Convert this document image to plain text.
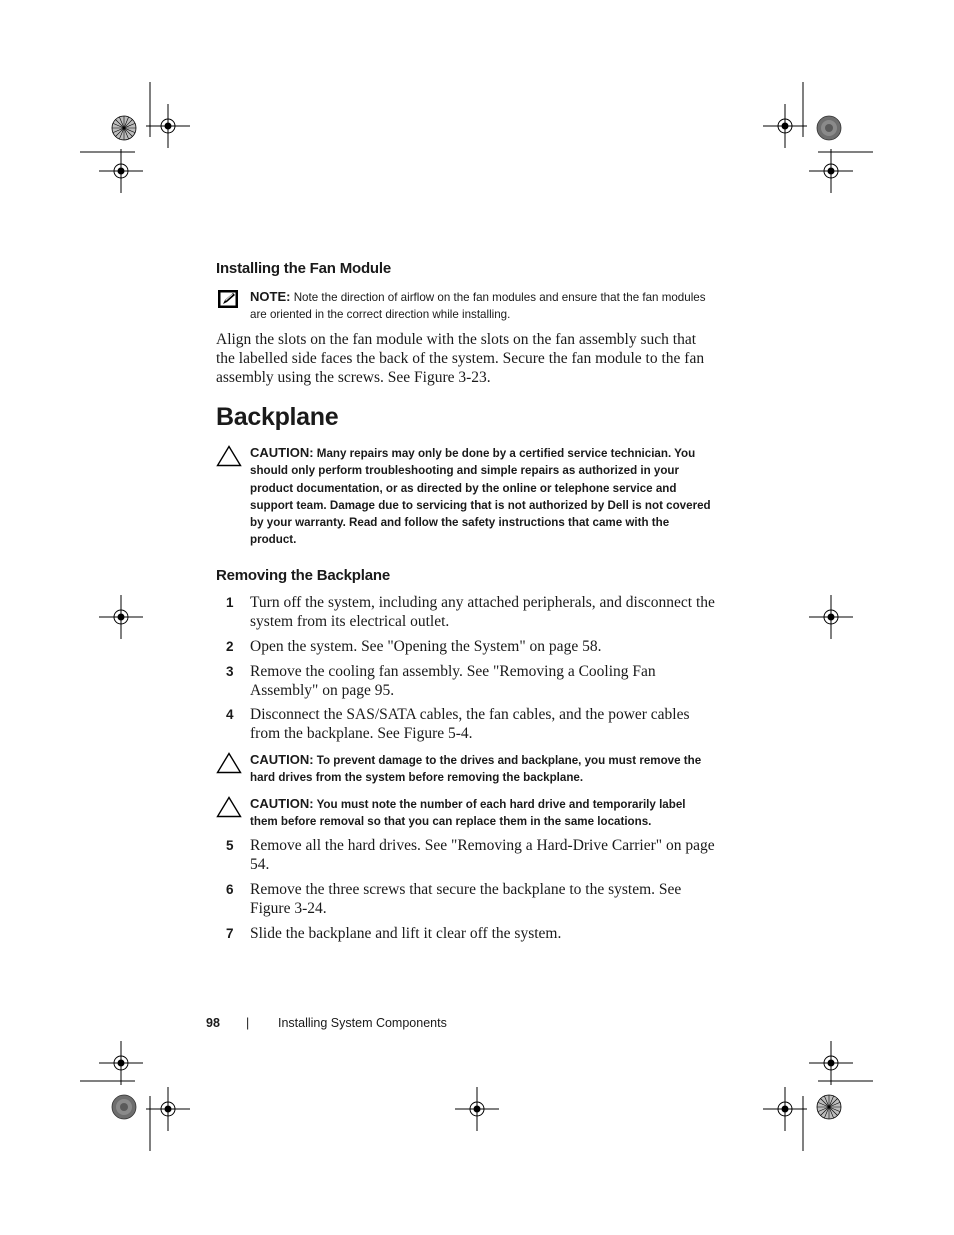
Installing the Fan Module
NOTE: Note the direction of airflow on the fan modules and ensure that the fan modules are oriented in the correct direction while installing.

Align the slots on the fan module with the slots on the fan assembly such that the labelled side faces the back of the system. Secure the fan module to the fan assembly using the screws. See Figure 3-23.

Backplane
CAUTION: Many repairs may only be done by a certified service technician. You should only perform troubleshooting and simple repairs as authorized in your product documentation, or as directed by the online or telephone service and support team. Damage due to servicing that is not authorized by Dell is not covered by your warranty. Read and follow the safety instructions that came with the product.
Removing the Backplane
1 Turn off the system, including any attached peripherals, and disconnect the system from its electrical outlet.
2 Open the system. See "Opening the System" on page 58.
3 Remove the cooling fan assembly. See "Removing a Cooling Fan Assembly" on page 95.
4 Disconnect the SAS/SATA cables, the fan cables, and the power cables from the backplane. See Figure 5-4.
CAUTION: To prevent damage to the drives and backplane, you must remove the hard drives from the system before removing the backplane.
CAUTION: You must note the number of each hard drive and temporarily label them before removal so that you can replace them in the same locations.
5 Remove all the hard drives. See "Removing a Hard-Drive Carrier" on page 54.
6 Remove the three screws that secure the backplane to the system. See Figure 3-24.
7 Slide the backplane and lift it clear off the system.
98 | Installing System Components
